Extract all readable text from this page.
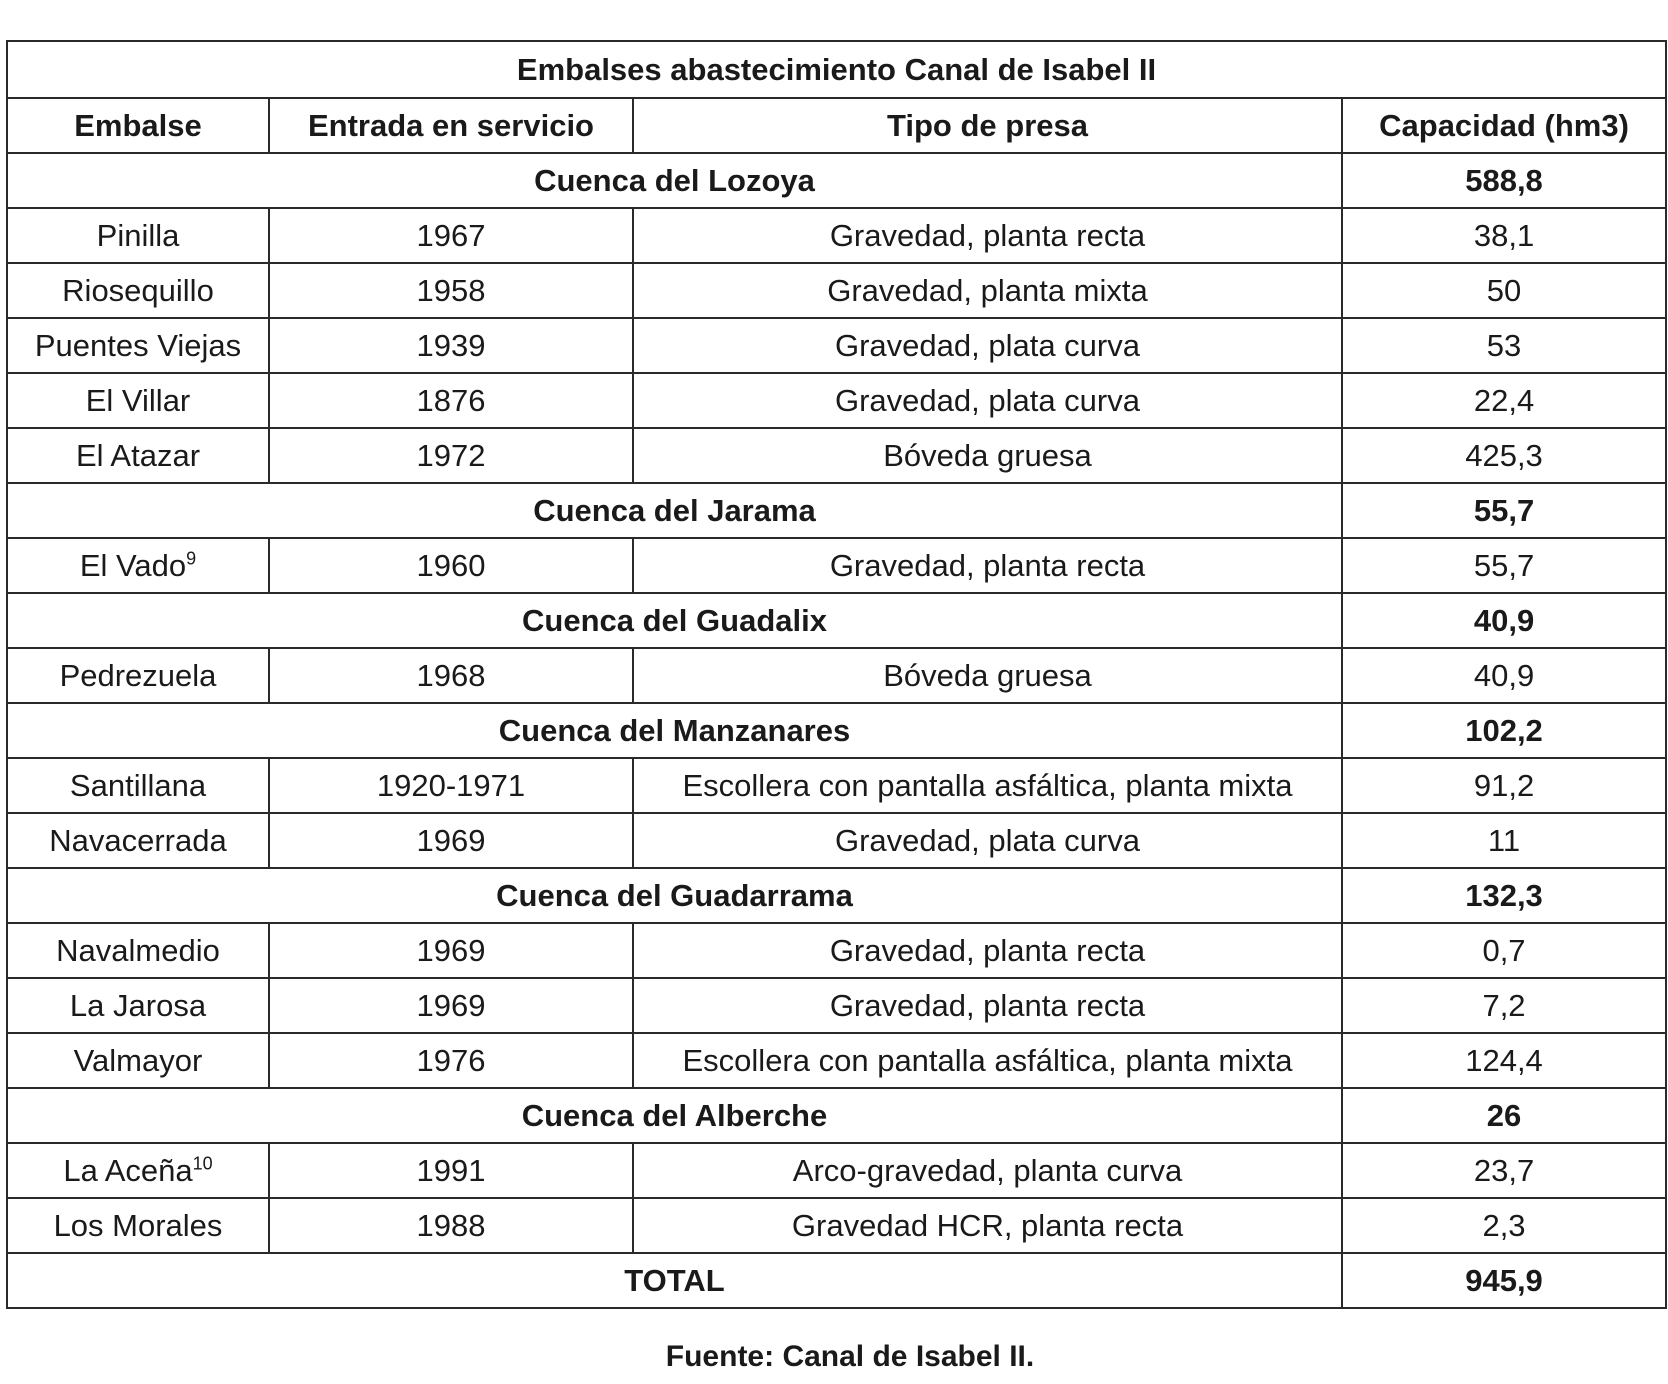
Embalses abastecimiento Canal de Isabel II			
Embalse	Entrada en servicio	Tipo de presa	Capacidad (hm3)
Cuenca del Lozoya			588,8
Pinilla	1967	Gravedad, planta recta	38,1
Riosequillo	1958	Gravedad, planta mixta	50
Puentes Viejas	1939	Gravedad, plata curva	53
El Villar	1876	Gravedad, plata curva	22,4
El Atazar	1972	Bóveda gruesa	425,3
Cuenca del Jarama			55,7
El Vado$^9$	1960	Gravedad, planta recta	55,7
Cuenca del Guadalix			40,9
Pedrezuela	1968	Bóveda gruesa	40,9
Cuenca del Manzanares			102,2
Santillana	1920-1971	Escollera con pantalla asfáltica, planta mixta	91,2
Navacerrada	1969	Gravedad, plata curva	11
Cuenca del Guadarrama			132,3
Navalmedio	1969	Gravedad, planta recta	0,7
La Jarosa	1969	Gravedad, planta recta	7,2
Valmayor	1976	Escollera con pantalla asfáltica, planta mixta	124,4
Cuenca del Alberche			26
La Aceña$^{10}$	1991	Arco-gravedad, planta curva	23,7
Los Morales	1988	Gravedad HCR, planta recta	2,3
TOTAL			945,9
Fuente: Canal de Isabel II.
